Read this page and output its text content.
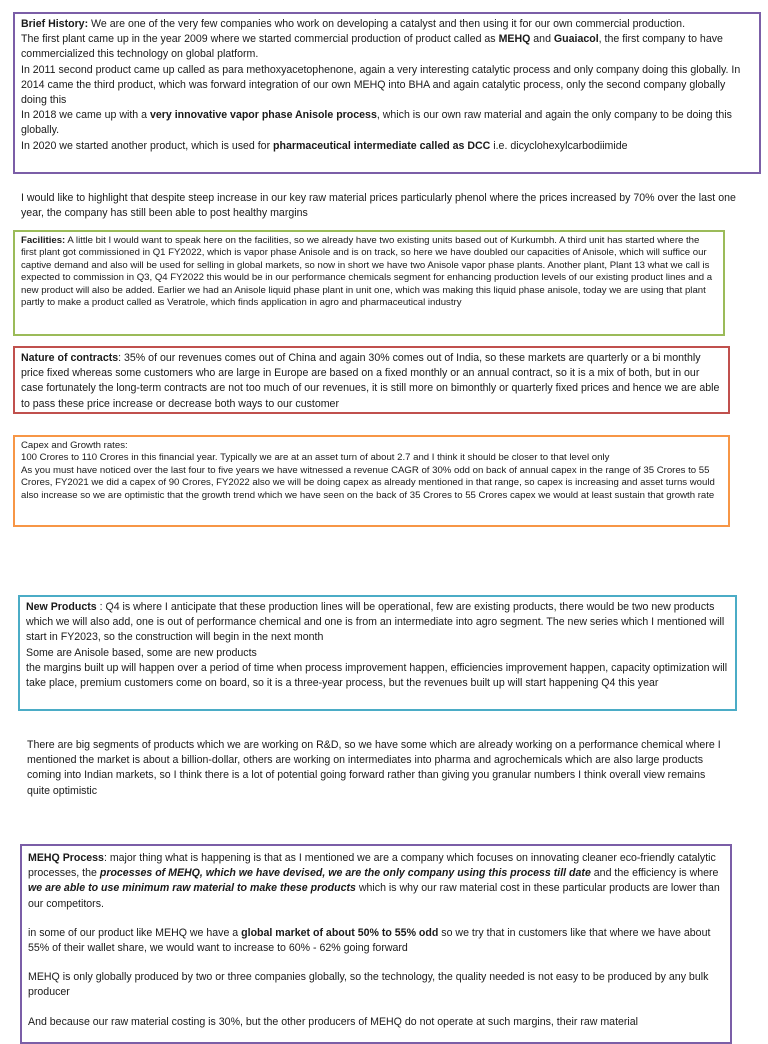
Brief History: We are one of the very few companies who work on developing a catalyst and then using it for our own commercial production.

The first plant came up in the year 2009 where we started commercial production of product called as MEHQ and Guaiacol, the first company to have commercialized this technology on global platform.

In 2011 second product came up called as para methoxyacetophenone, again a very interesting catalytic process and only company doing this globally. In 2014 came the third product, which was forward integration of our own MEHQ into BHA and again catalytic process, only the second company globally doing this

In 2018 we came up with a very innovative vapor phase Anisole process, which is our own raw material and again the only company to be doing this globally.

In 2020 we started another product, which is used for pharmaceutical intermediate called as DCC i.e. dicyclohexylcarbodiimide

I would like to highlight that despite steep increase in our key raw material prices particularly phenol where the prices increased by 70% over the last one year, the company has still been able to post healthy margins

Facilities: A little bit I would want to speak here on the facilities, so we already have two existing units based out of Kurkumbh. A third unit has started where the first plant got commissioned in Q1 FY2022, which is vapor phase Anisole and is on track, so here we have doubled our capacities of Anisole, which will suffice our captive demand and also will be used for selling in global markets, so now in short we have two Anisole vapor phase plants. Another plant, Plant 13 what we call is expected to commission in Q3, Q4 FY2022 this would be in our performance chemicals segment for enhancing production levels of our existing product lines and a new product will also be added. Earlier we had an Anisole liquid phase plant in unit one, which was making this liquid phase anisole, today we are using that plant partly to make a product called as Veratrole, which finds application in agro and pharmaceutical industry

Nature of contracts: 35% of our revenues comes out of China and again 30% comes out of India, so these markets are quarterly or a bi monthly price fixed whereas some customers who are large in Europe are based on a fixed monthly or an annual contract, so it is a mix of both, but in our case fortunately the long-term contracts are not too much of our revenues, it is still more on bimonthly or quarterly fixed prices and hence we are able to pass these price increase or decrease both ways to our customer

Capex and Growth rates:

100 Crores to 110 Crores in this financial year. Typically we are at an asset turn of about 2.7 and I think it should be closer to that level only

As you must have noticed over the last four to five years we have witnessed a revenue CAGR of 30% odd on back of annual capex in the range of 35 Crores to 55 Crores, FY2021 we did a capex of 90 Crores, FY2022 also we will be doing capex as already mentioned in that range, so capex is increasing and asset turns would also increase so we are optimistic that the growth trend which we have seen on the back of 35 Crores to 55 Crores capex we would at least sustain that growth rate

New Products : Q4 is where I anticipate that these production lines will be operational, few are existing products, there would be two new products which we will also add, one is out of performance chemical and one is from an intermediate into agro segment. The new series which I mentioned will start in FY2023, so the construction will begin in the next month

Some are Anisole based, some are new products

the margins built up will happen over a period of time when process improvement happen, efficiencies improvement happen, capacity optimization will take place, premium customers come on board, so it is a three-year process, but the revenues built up will start happening Q4 this year

There are big segments of products which we are working on R&D, so we have some which are already working on a performance chemical where I mentioned the market is about a billion-dollar, others are working on intermediates into pharma and agrochemicals which are also large products coming into Indian markets, so I think there is a lot of potential going forward rather than giving you granular numbers I think overall view remains quite optimistic

MEHQ Process: major thing what is happening is that as I mentioned we are a company which focuses on innovating cleaner eco-friendly catalytic processes, the processes of MEHQ, which we have devised, we are the only company using this process till date and the efficiency is where we are able to use minimum raw material to make these products which is why our raw material cost in these particular products are lower than our competitors.

in some of our product like MEHQ we have a global market of about 50% to 55% odd so we try that in customers like that where we have about 55% of their wallet share, we would want to increase to 60% - 62% going forward

MEHQ is only globally produced by two or three companies globally, so the technology, the quality needed is not easy to be produced by any bulk producer

And because our raw material costing is 30%, but the other producers of MEHQ do not operate at such margins, their raw material
